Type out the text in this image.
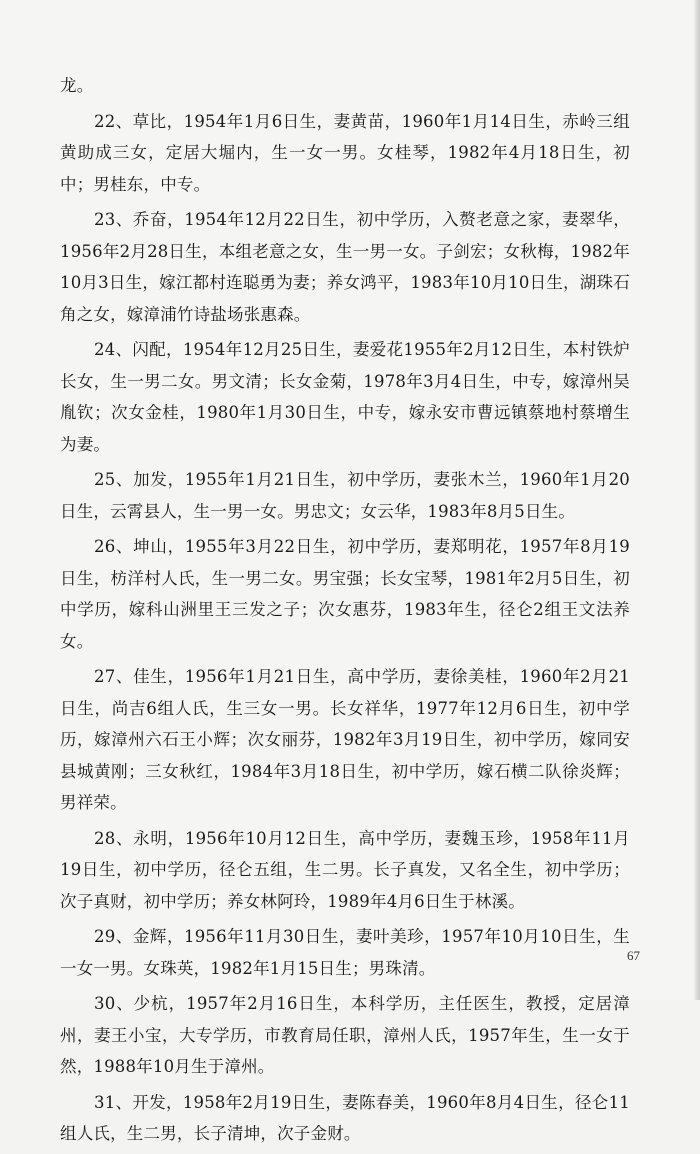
龙。

22、草比，1954年1月6日生，妻黄苗，1960年1月14日生，赤岭三组黄助成三女，定居大堀内，生一女一男。女桂琴，1982年4月18日生，初中；男桂东，中专。

23、乔奋，1954年12月22日生，初中学历，入赘老意之家，妻翠华，1956年2月28日生，本组老意之女，生一男一女。子剑宏；女秋梅，1982年10月3日生，嫁江都村连聪勇为妻；养女鸿平，1983年10月10日生，湖珠石角之女，嫁漳浦竹诗盐场张惠森。

24、闪配，1954年12月25日生，妻爱花1955年2月12日生，本村铁炉长女，生一男二女。男文清；长女金菊，1978年3月4日生，中专，嫁漳州吴胤钦；次女金桂，1980年1月30日生，中专，嫁永安市曹远镇蔡地村蔡增生为妻。

25、加发，1955年1月21日生，初中学历，妻张木兰，1960年1月20日生，云霄县人，生一男一女。男忠文；女云华，1983年8月5日生。

26、坤山，1955年3月22日生，初中学历，妻郑明花，1957年8月19日生，枋洋村人氏，生一男二女。男宝强；长女宝琴，1981年2月5日生，初中学历，嫁科山洲里王三发之子；次女惠芬，1983年生，径仑2组王文法养女。

27、佳生，1956年1月21日生，高中学历，妻徐美桂，1960年2月21日生，尚吉6组人氏，生三女一男。长女祥华，1977年12月6日生，初中学历，嫁漳州六石王小辉；次女丽芬，1982年3月19日生，初中学历，嫁同安县城黄刚；三女秋红，1984年3月18日生，初中学历，嫁石横二队徐炎辉；男祥荣。

28、永明，1956年10月12日生，高中学历，妻魏玉珍，1958年11月19日生，初中学历，径仑五组，生二男。长子真发，又名全生，初中学历；次子真财，初中学历；养女林阿玲，1989年4月6日生于林溪。

29、金辉，1956年11月30日生，妻叶美珍，1957年10月10日生，生一女一男。女珠英，1982年1月15日生；男珠清。

30、少杭，1957年2月16日生，本科学历，主任医生，教授，定居漳州，妻王小宝，大专学历，市教育局任职，漳州人氏，1957年生，生一女于然，1988年10月生于漳州。

31、开发，1958年2月19日生，妻陈春美，1960年8月4日生，径仑11组人氏，生二男，长子清坤，次子金财。

67
